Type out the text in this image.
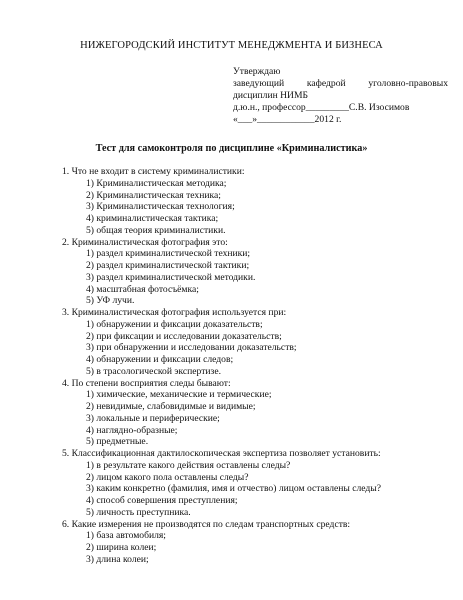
НИЖЕГОРОДСКИЙ ИНСТИТУТ МЕНЕДЖМЕНТА И БИЗНЕСА
Утверждаю
заведующий кафедрой уголовно-правовых
дисциплин НИМБ
д.ю.н., профессор_________С.В. Изосимов
«___»____________2012 г.
Тест для самоконтроля по дисциплине «Криминалистика»
1. Что не входит в систему криминалистики:
1) Криминалистическая методика;
2) Криминалистическая техника;
3) Криминалистическая технология;
4) криминалистическая тактика;
5) общая теория криминалистики.
2. Криминалистическая фотография это:
1) раздел криминалистической техники;
2) раздел криминалистической тактики;
3) раздел криминалистической методики.
4) масштабная фотосъёмка;
5) УФ лучи.
3. Криминалистическая фотография используется при:
1) обнаружении и фиксации доказательств;
2) при фиксации и исследовании доказательств;
3) при обнаружении и исследовании доказательств;
4) обнаружении и фиксации следов;
5) в трасологической экспертизе.
4. По степени восприятия следы бывают:
1) химические, механические и термические;
2) невидимые, слабовидимые и видимые;
3) локальные и периферические;
4) наглядно-образные;
5) предметные.
5. Классификационная дактилоскопическая экспертиза позволяет установить:
1) в результате какого действия оставлены следы?
2) лицом какого пола оставлены следы?
3) каким конкретно (фамилия, имя и отчество) лицом оставлены следы?
4) способ совершения преступления;
5) личность преступника.
6. Какие измерения не производятся по следам транспортных средств:
1) база автомобиля;
2) ширина колеи;
3) длина колеи;
